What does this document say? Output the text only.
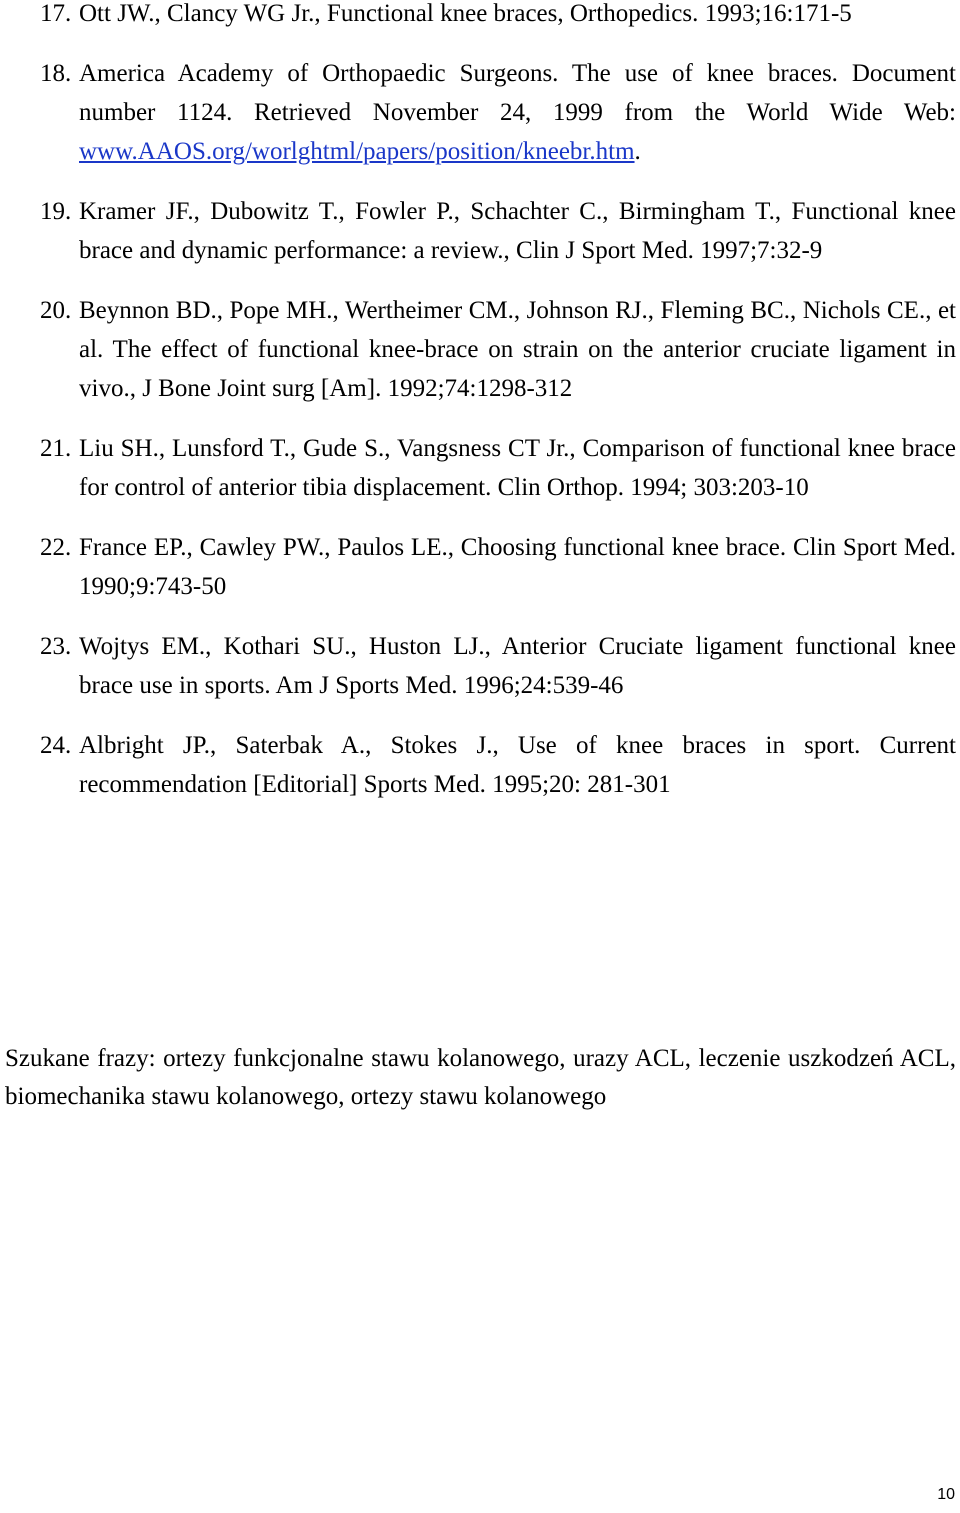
17. Ott JW., Clancy WG Jr., Functional knee braces, Orthopedics. 1993;16:171-5
18. America Academy of Orthopaedic Surgeons. The use of knee braces. Document number 1124. Retrieved November 24, 1999 from the World Wide Web: www.AAOS.org/worlghtml/papers/position/kneebr.htm.
19. Kramer JF., Dubowitz T., Fowler P., Schachter C., Birmingham T., Functional knee brace and dynamic performance: a review., Clin J Sport Med. 1997;7:32-9
20. Beynnon BD., Pope MH., Wertheimer CM., Johnson RJ., Fleming BC., Nichols CE., et al. The effect of functional knee-brace on strain on the anterior cruciate ligament in vivo., J Bone Joint surg [Am]. 1992;74:1298-312
21. Liu SH., Lunsford T., Gude S., Vangsness CT Jr., Comparison of functional knee brace for control of anterior tibia displacement. Clin Orthop. 1994; 303:203-10
22. France EP., Cawley PW., Paulos LE., Choosing functional knee brace. Clin Sport Med. 1990;9:743-50
23. Wojtys EM., Kothari SU., Huston LJ., Anterior Cruciate ligament functional knee brace use in sports. Am J Sports Med. 1996;24:539-46
24. Albright JP., Saterbak A., Stokes J., Use of knee braces in sport. Current recommendation [Editorial] Sports Med. 1995;20: 281-301

Szukane frazy: ortezy funkcjonalne stawu kolanowego, urazy ACL, leczenie uszkodzeń ACL, biomechanika stawu kolanowego, ortezy stawu kolanowego

10
